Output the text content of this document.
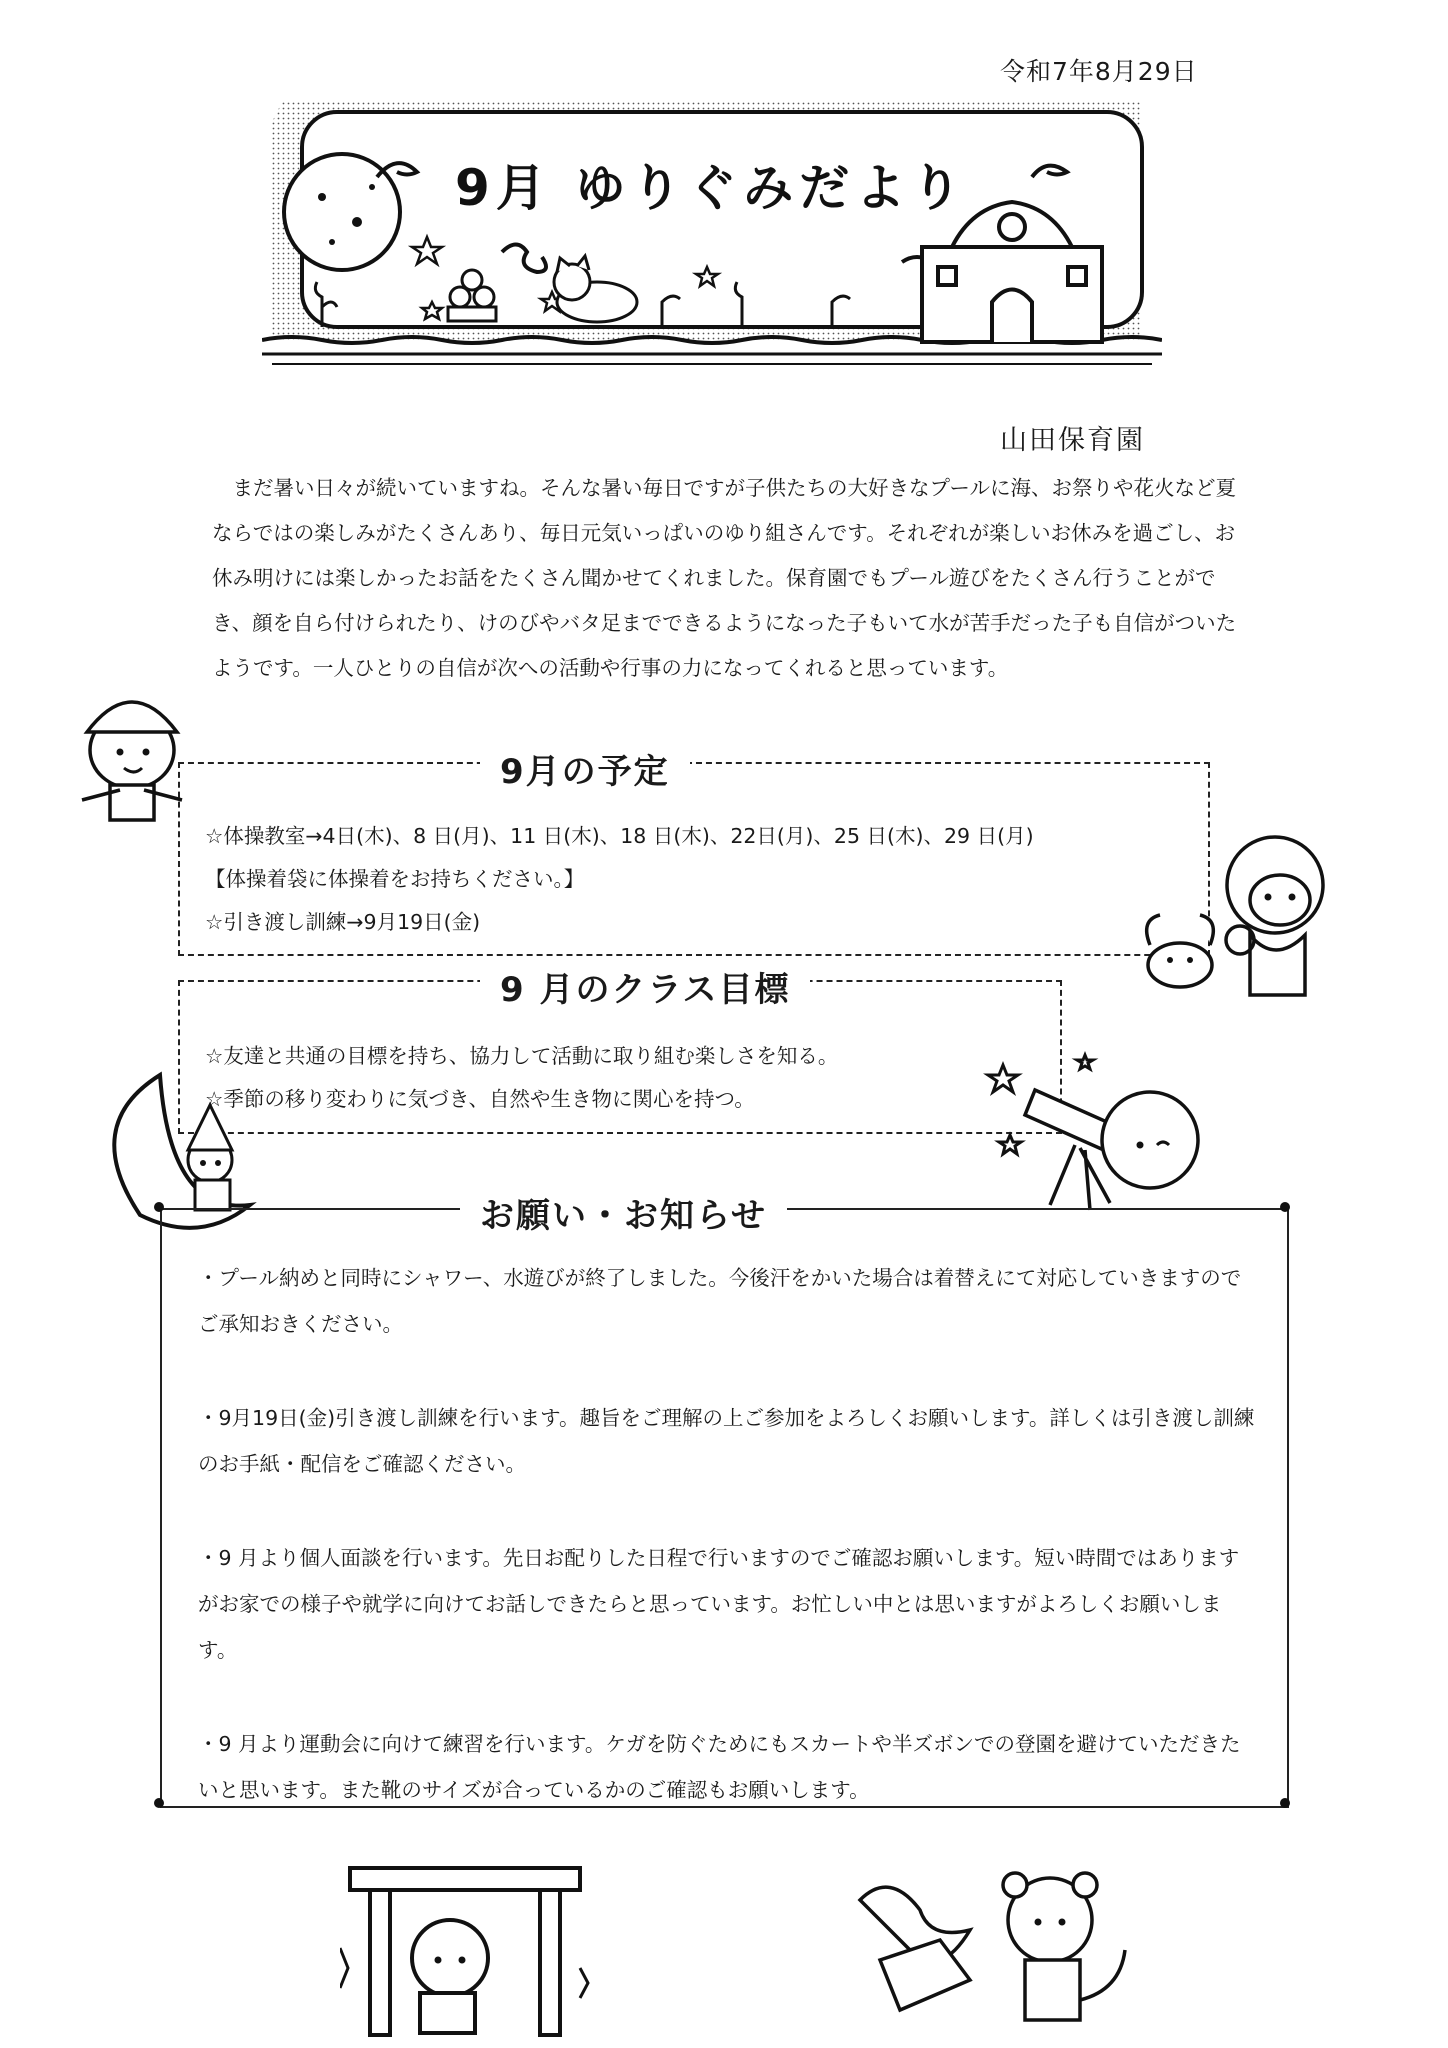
令和7年8月29日
9月 ゆりぐみだより
山田保育園

まだ暑い日々が続いていますね。そんな暑い毎日ですが子供たちの大好きなプールに海、お祭りや花火など夏ならではの楽しみがたくさんあり、毎日元気いっぱいのゆり組さんです。それぞれが楽しいお休みを過ごし、お休み明けには楽しかったお話をたくさん聞かせてくれました。保育園でもプール遊びをたくさん行うことができ、顔を自ら付けられたり、けのびやバタ足までできるようになった子もいて水が苦手だった子も自信がついたようです。一人ひとりの自信が次への活動や行事の力になってくれると思っています。

9月の予定
☆体操教室→4日(木)、8 日(月)、11 日(木)、18 日(木)、22日(月)、25 日(木)、29 日(月)
【体操着袋に体操着をお持ちください。】
☆引き渡し訓練→9月19日(金)
9 月のクラス目標
☆友達と共通の目標を持ち、協力して活動に取り組む楽しさを知る。
☆季節の移り変わりに気づき、自然や生き物に関心を持つ。
お願い・お知らせ

・プール納めと同時にシャワー、水遊びが終了しました。今後汗をかいた場合は着替えにて対応していきますのでご承知おきください。

・9月19日(金)引き渡し訓練を行います。趣旨をご理解の上ご参加をよろしくお願いします。詳しくは引き渡し訓練のお手紙・配信をご確認ください。

・9 月より個人面談を行います。先日お配りした日程で行いますのでご確認お願いします。短い時間ではありますがお家での様子や就学に向けてお話しできたらと思っています。お忙しい中とは思いますがよろしくお願いします。

・9 月より運動会に向けて練習を行います。ケガを防ぐためにもスカートや半ズボンでの登園を避けていただきたいと思います。また靴のサイズが合っているかのご確認もお願いします。
